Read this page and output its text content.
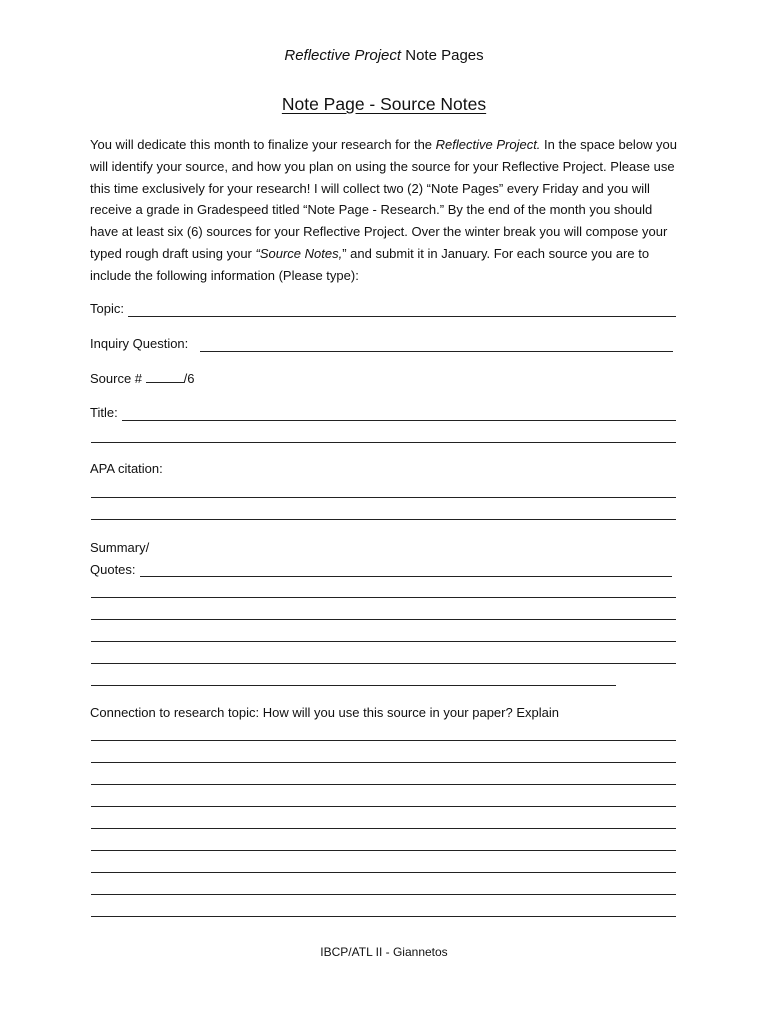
Reflective Project Note Pages
Note Page - Source Notes

You will dedicate this month to finalize your research for the Reflective Project. In the space below you will identify your source, and how you plan on using the source for your Reflective Project. Please use this time exclusively for your research! I will collect two (2) “Note Pages” every Friday and you will receive a grade in Gradespeed titled “Note Page - Research.” By the end of the month you should have at least six (6) sources for your Reflective Project. Over the winter break you will compose your typed rough draft using your “Source Notes,” and submit it in January. For each source you are to include the following information (Please type):

Topic:
Inquiry Question:
Source #	/6
Title:
APA citation:
Summary/
Quotes:
Connection to research topic: How will you use this source in your paper? Explain
IBCP/ATL II - Giannetos
